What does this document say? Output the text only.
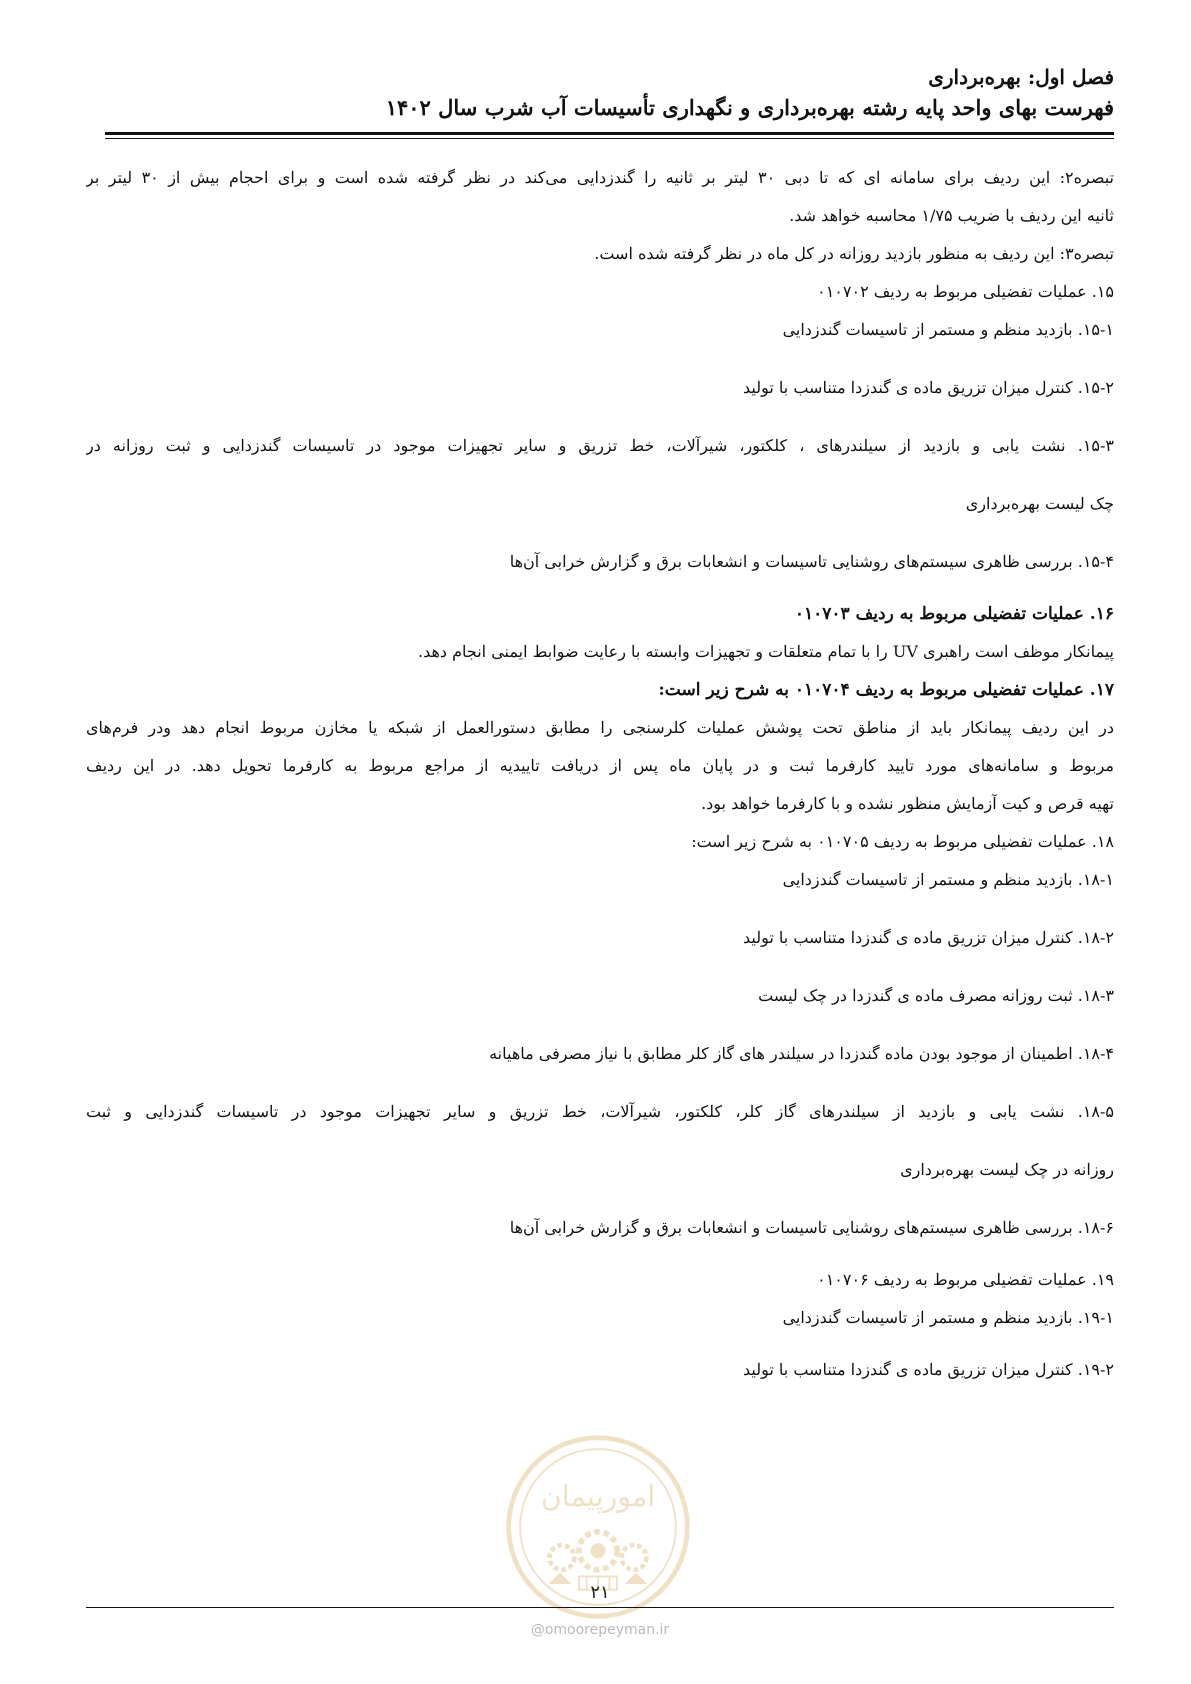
فصل اول: بهره‌برداری
فهرست بهای واحد پایه رشته بهره‌برداری و نگهداری تأسیسات آب شرب سال ۱۴۰۲
تبصره۲: این ردیف برای سامانه ای که تا دبی ۳۰ لیتر بر ثانیه را گندزدایی می‌کند در نظر گرفته شده است و برای احجام بیش از ۳۰ لیتر بر
ثانیه این ردیف با ضریب ۱/۷۵ محاسبه خواهد شد.
تبصره۳: این ردیف به منظور بازدید روزانه در کل ماه در نظر گرفته شده است.
۱۵. عملیات تفضیلی مربوط به ردیف ۰۱۰۷۰۲
۱۵-۱. بازدید منظم و مستمر از تاسیسات گندزدایی
۱۵-۲. کنترل میزان تزریق ماده ی گندزدا متناسب با تولید
۱۵-۳. نشت یابی و بازدید از سیلندرهای ، کلکتور، شیرآلات، خط تزریق و سایر تجهیزات موجود در تاسیسات گندزدایی و ثبت روزانه در
چک لیست بهره‌برداری
۱۵-۴. بررسی ظاهری سیستم‌های روشنایی تاسیسات و انشعابات برق و گزارش خرابی آن‌ها
۱۶. عملیات تفضیلی مربوط به ردیف ۰۱۰۷۰۳
پیمانکار موظف است راهبری UV را با تمام متعلقات و تجهیزات وابسته با رعایت ضوابط ایمنی انجام دهد.
۱۷. عملیات تفضیلی مربوط به ردیف ۰۱۰۷۰۴ به شرح زیر است:
در این ردیف پیمانکار باید از مناطق تحت پوشش عملیات کلرسنجی را مطابق دستورالعمل از شبکه یا مخازن مربوط انجام دهد ودر فرم‌های
مربوط و سامانه‌های مورد تایید کارفرما ثبت و در پایان ماه پس از دریافت تاییدیه از مراجع مربوط به کارفرما تحویل دهد. در این ردیف
تهیه قرص و کیت آزمایش منظور نشده و با کارفرما خواهد بود.
۱۸. عملیات تفضیلی مربوط به ردیف ۰۱۰۷۰۵ به شرح زیر است:
۱۸-۱. بازدید منظم و مستمر از تاسیسات گندزدایی
۱۸-۲. کنترل میزان تزریق ماده ی گندزدا متناسب با تولید
۱۸-۳. ثبت روزانه مصرف ماده ی گندزدا در چک لیست
۱۸-۴. اطمینان از موجود بودن ماده گندزدا در سیلندر های گاز کلر مطابق با نیاز مصرفی ماهیانه
۱۸-۵. نشت یابی و بازدید از سیلندرهای گاز کلر، کلکتور، شیرآلات، خط تزریق و سایر تجهیزات موجود در تاسیسات گندزدایی و ثبت
روزانه در چک لیست بهره‌برداری
۱۸-۶. بررسی ظاهری سیستم‌های روشنایی تاسیسات و انشعابات برق و گزارش خرابی آن‌ها
۱۹. عملیات تفضیلی مربوط به ردیف ۰۱۰۷۰۶
۱۹-۱. بازدید منظم و مستمر از تاسیسات گندزدایی
۱۹-۲. کنترل میزان تزریق ماده ی گندزدا متناسب با تولید
امورپیمان
۲۱
@omoorepeyman.ir
